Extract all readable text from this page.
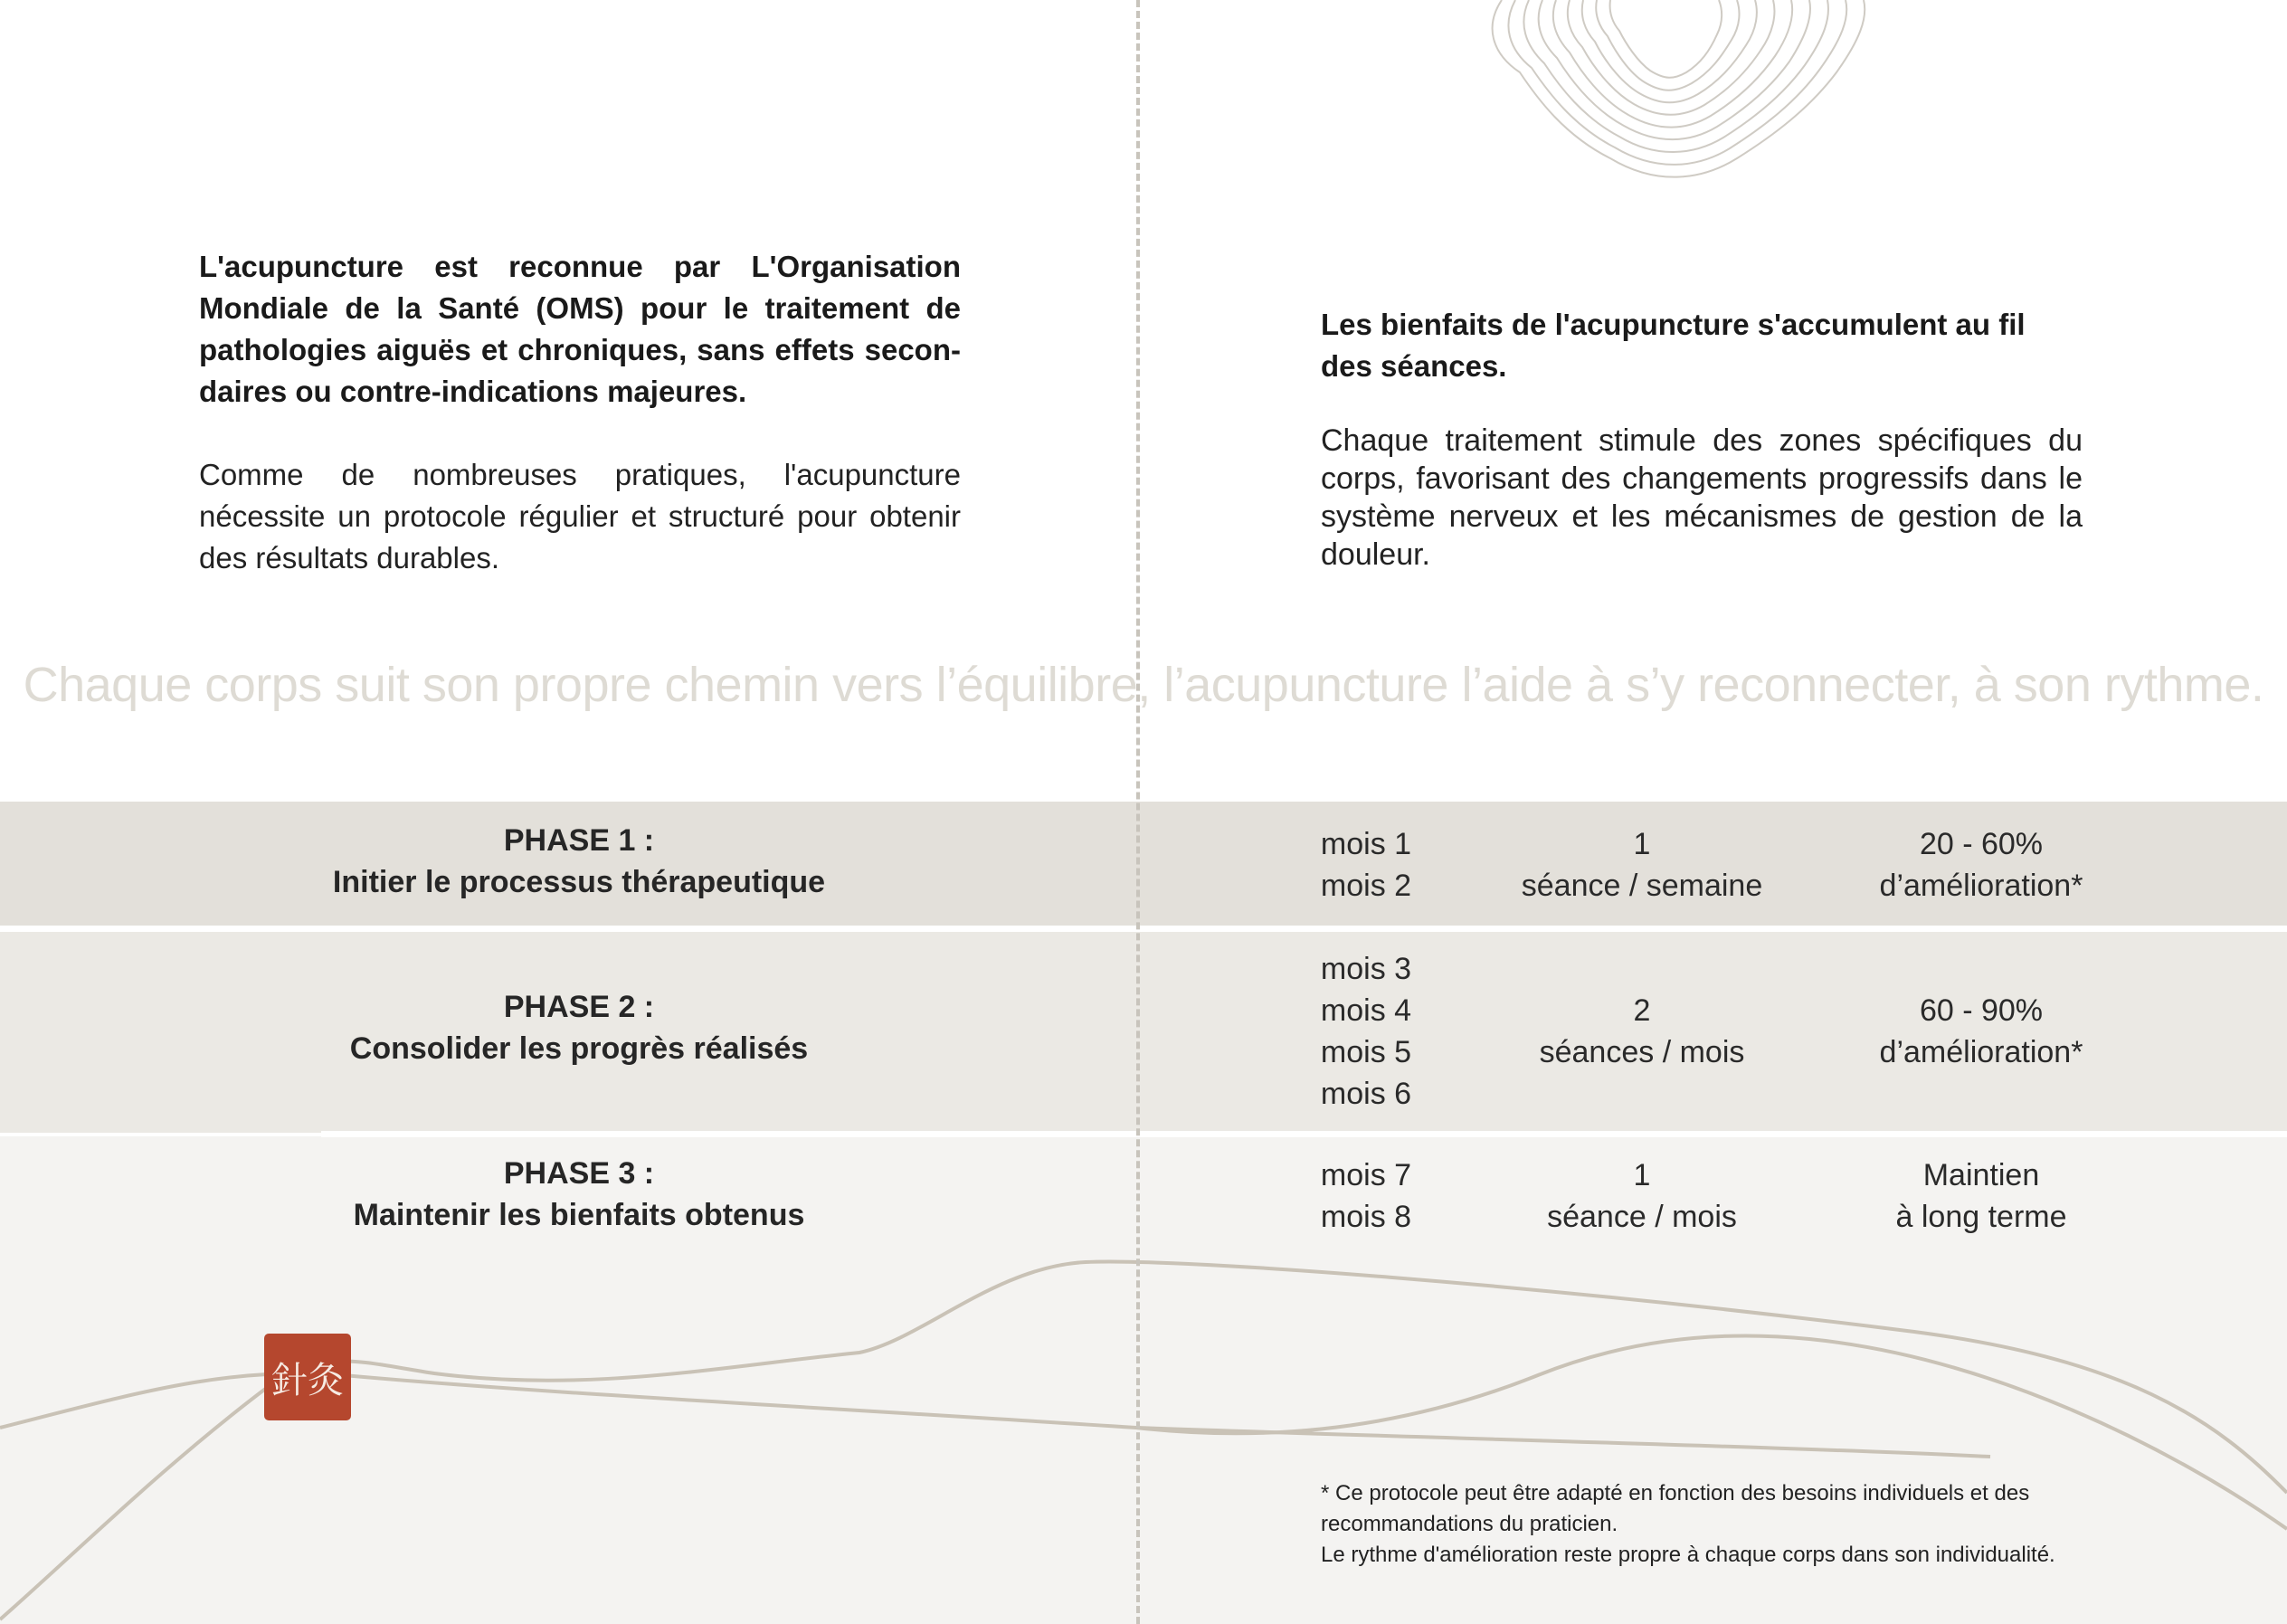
L'acupuncture est reconnue par L'Organisation Mondiale de la Santé (OMS) pour le traitement de pathologies aiguës et chroniques, sans effets secondaires ou contre-indications majeures.

Comme de nombreuses pratiques, l'acupuncture nécessite un protocole régulier et structuré pour obtenir des résultats durables.

Les bienfaits de l'acupuncture s'accumulent au fil des séances.

Chaque traitement stimule des zones spécifiques du corps, favorisant des changements progressifs dans le système nerveux et les mécanismes de gestion de la douleur.

Chaque corps suit son propre chemin vers l’équilibre, l’acupuncture l’aide à s’y reconnecter, à son rythme.
PHASE 1 :
Initier le processus thérapeutique
mois 1
mois 2
1
séance / semaine
20 - 60%
d’amélioration*
PHASE 2 :
Consolider les progrès réalisés
mois 3
mois 4
mois 5
mois 6
2
séances / mois
60 - 90%
d’amélioration*
PHASE 3 :
Maintenir les bienfaits obtenus
mois 7
mois 8
1
séance / mois
Maintien
à long terme
針灸

* Ce protocole peut être adapté en fonction des besoins individuels et des recommandations du praticien.

Le rythme d'amélioration reste propre à chaque corps dans son individualité.
